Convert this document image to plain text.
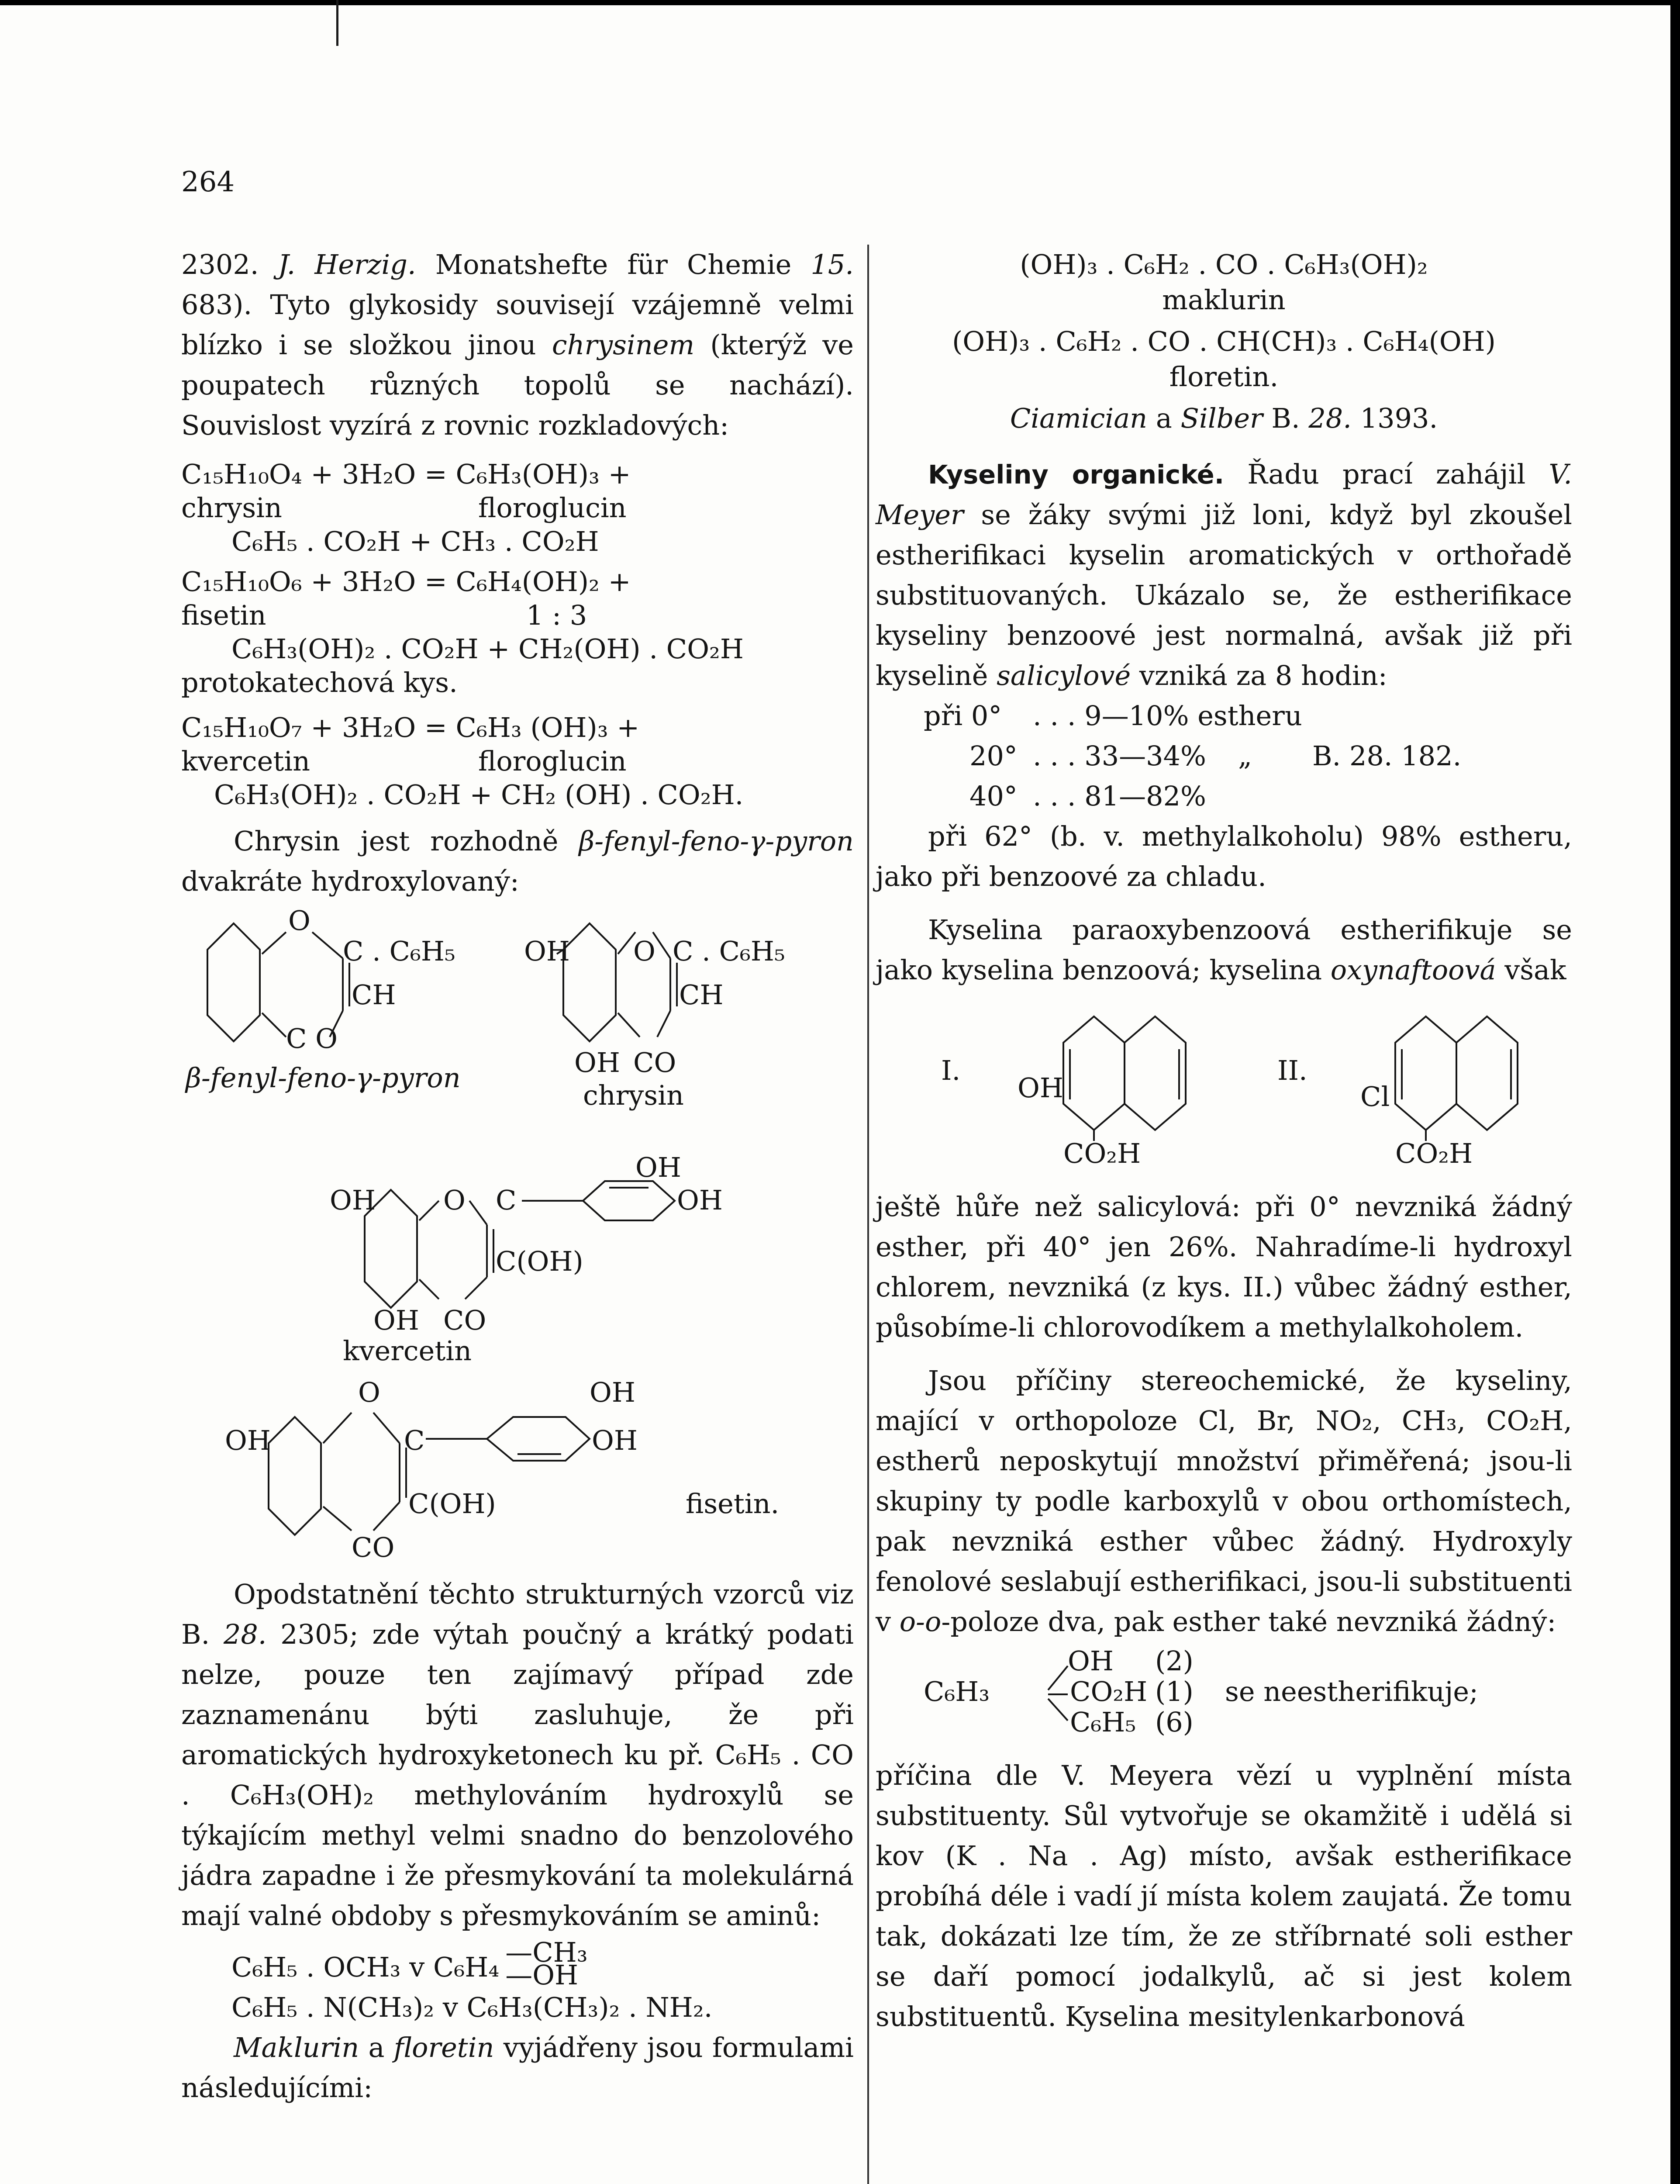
264

2302. J. Herzig. Monatshefte für Chemie 15. 683). Tyto glykosidy souvisejí vzájemně velmi blízko i se složkou jinou chrysinem (kterýž ve poupatech různých topolů se nachází). Souvislost vyzírá z rovnic rozkladových:

C₁₅H₁₀O₄ + 3H₂O = C₆H₃(OH)₃ +
chrysin	floroglucin
C₆H₅ . CO₂H + CH₃ . CO₂H
C₁₅H₁₀O₆ + 3H₂O = C₆H₄(OH)₂ +
fisetin	1 : 3
C₆H₃(OH)₂ . CO₂H + CH₂(OH) . CO₂H
protokatechová kys.
C₁₅H₁₀O₇ + 3H₂O = C₆H₃ (OH)₃ +
kvercetin	floroglucin
C₆H₃(OH)₂ . CO₂H + CH₂ (OH) . CO₂H.

Chrysin jest rozhodně β-fenyl-feno-γ-pyron dvakráte hydroxylovaný:

O
C . C₆H₅
CH
C O
β-fenyl-feno-γ-pyron
OH O C . C₆H₅
CH
OH CO
chrysin
OH
OH	O C	OH
C(OH)
OH CO
kvercetin
O	OH
OH	C	OH
C(OH)	fisetin.
CO

Opodstatnění těchto strukturných vzorců viz B. 28. 2305; zde výtah poučný a krátký podati nelze, pouze ten zajímavý případ zde zaznamenánu býti zasluhuje, že při aromatických hydroxyketonech ku př. C₆H₅ . CO . C₆H₃(OH)₂ methylováním hydroxylů se týkajícím methyl velmi snadno do benzolového jádra zapadne i že přesmykování ta molekulárná mají valné obdoby s přesmykováním se aminů:

C₆H₅ . OCH₃ v C₆H₄ —CH₃
—OH
C₆H₅ . N(CH₃)₂ v C₆H₃(CH₃)₂ . NH₂.

Maklurin a floretin vyjádřeny jsou formulami následujícími:

(OH)₃ . C₆H₂ . CO . C₆H₃(OH)₂
maklurin
(OH)₃ . C₆H₂ . CO . CH(CH)₃ . C₆H₄(OH)
floretin.
Ciamician a Silber B. 28. 1393.

Kyseliny organické. Řadu prací zahájil V. Meyer se žáky svými již loni, když byl zkoušel estherifikaci kyselin aromatických v orthořadě substituovaných. Ukázalo se, že estherifikace kyseliny benzoové jest normalná, avšak již při kyselině salicylové vzniká za 8 hodin:

při 0°	. . . 9—10% estheru
20° . . . 33—34%	„	B. 28. 182.
40° . . . 81—82%

při 62° (b. v. methylalkoholu) 98% estheru, jako při benzoové za chladu.

Kyselina paraoxybenzoová estherifikuje se jako kyselina benzoová; kyselina oxynaftoová však

I.
OH
CO₂H
II.
Cl
CO₂H

ještě hůře než salicylová: při 0° nevzniká žádný esther, při 40° jen 26%. Nahradíme-li hydroxyl chlorem, nevzniká (z kys. II.) vůbec žádný esther, působíme-li chlorovodíkem a methylalkoholem.

Jsou příčiny stereochemické, že kyseliny, mající v orthopoloze Cl, Br, NO₂, CH₃, CO₂H, estherů neposkytují množství přiměřená; jsou-li skupiny ty podle karboxylů v obou orthomístech, pak nevzniká esther vůbec žádný. Hydroxyly fenolové seslabují estherifikaci, jsou-li substituenti v o-o-poloze dva, pak esther také nevzniká žádný:

OH (2)
C₆H₃	CO₂H (1) se neestherifikuje;
C₆H₅ (6)

příčina dle V. Meyera vězí u vyplnění místa substituenty. Sůl vytvořuje se okamžitě i udělá si kov (K . Na . Ag) místo, avšak estherifikace probíhá déle i vadí jí místa kolem zaujatá. Že tomu tak, dokázati lze tím, že ze stříbrnaté soli esther se daří pomocí jodalkylů, ač si jest kolem substituentů. Kyselina mesitylenkarbonová
